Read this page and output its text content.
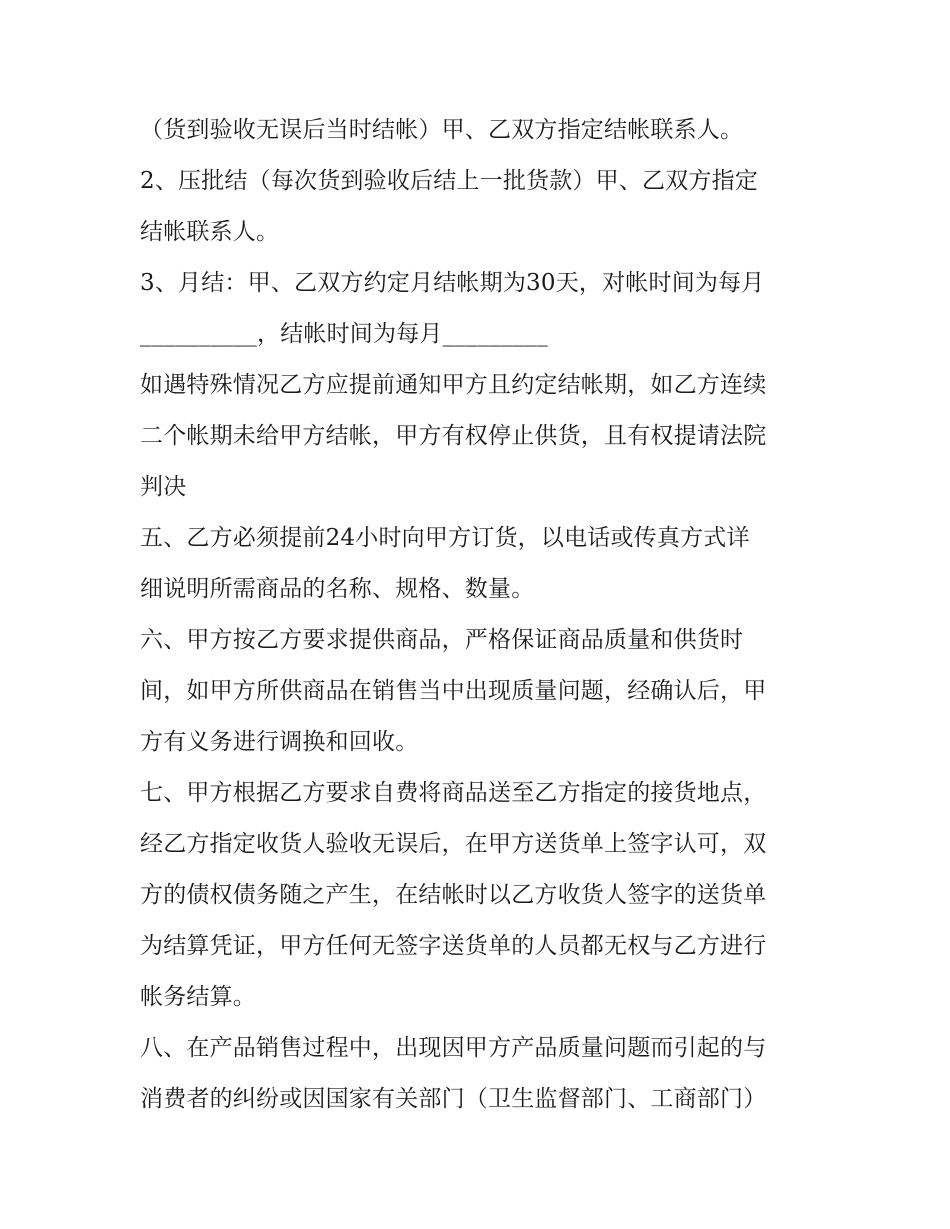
（货到验收无误后当时结帐）甲、乙双方指定结帐联系人。
2、压批结（每次货到验收后结上一批货款）甲、乙双方指定
结帐联系人。
3、月结：甲、乙双方约定月结帐期为30天，对帐时间为每月
__________，结帐时间为每月_________
如遇特殊情况乙方应提前通知甲方且约定结帐期，如乙方连续
二个帐期未给甲方结帐，甲方有权停止供货，且有权提请法院
判决
五、乙方必须提前24小时向甲方订货，以电话或传真方式详
细说明所需商品的名称、规格、数量。
六、甲方按乙方要求提供商品，严格保证商品质量和供货时
间，如甲方所供商品在销售当中出现质量问题，经确认后，甲
方有义务进行调换和回收。
七、甲方根据乙方要求自费将商品送至乙方指定的接货地点，
经乙方指定收货人验收无误后，在甲方送货单上签字认可，双
方的债权债务随之产生，在结帐时以乙方收货人签字的送货单
为结算凭证，甲方任何无签字送货单的人员都无权与乙方进行
帐务结算。
八、在产品销售过程中，出现因甲方产品质量问题而引起的与
消费者的纠纷或因国家有关部门（卫生监督部门、工商部门）
